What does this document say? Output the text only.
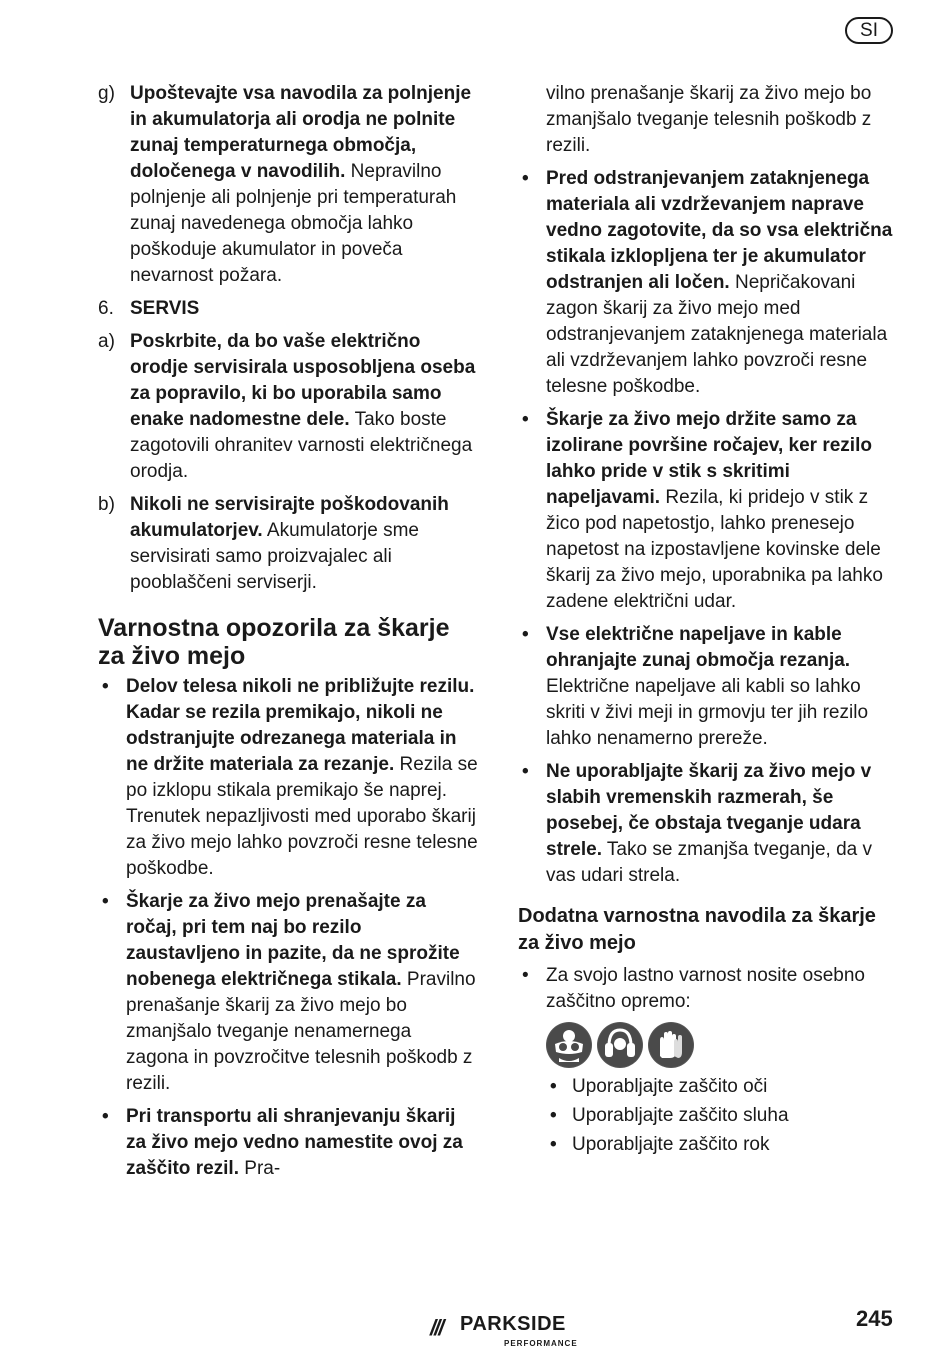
SI
g) Upoštevajte vsa navodila za polnjenje in akumulatorja ali orodja ne polnite zunaj temperaturnega območja, določenega v navodilih. Nepravilno polnjenje ali polnjenje pri temperaturah zunaj navedenega območja lahko poškoduje akumulator in poveča nevarnost požara.
6. SERVIS
a) Poskrbite, da bo vaše električno orodje servisirala usposobljena oseba za popravilo, ki bo uporabila samo enake nadomestne dele. Tako boste zagotovili ohranitev varnosti električnega orodja.
b) Nikoli ne servisirajte poškodovanih akumulatorjev. Akumulatorje sme servisirati samo proizvajalec ali pooblaščeni serviserji.
Varnostna opozorila za škarje za živo mejo
• Delov telesa nikoli ne približujte rezilu. Kadar se rezila premikajo, nikoli ne odstranjujte odrezanega materiala in ne držite materiala za rezanje. Rezila se po izklopu stikala premikajo še naprej. Trenutek nepazljivosti med uporabo škarij za živo mejo lahko povzroči resne telesne poškodbe.
• Škarje za živo mejo prenašajte za ročaj, pri tem naj bo rezilo zaustavljeno in pazite, da ne sprožite nobenega električnega stikala. Pravilno prenašanje škarij za živo mejo bo zmanjšalo tveganje nenamernega zagona in povzročitve telesnih poškodb z rezili.
• Pri transportu ali shranjevanju škarij za živo mejo vedno namestite ovoj za zaščito rezil. Pra-
vilno prenašanje škarij za živo mejo bo zmanjšalo tveganje telesnih poškodb z rezili.
• Pred odstranjevanjem zataknjenega materiala ali vzdrževanjem naprave vedno zagotovite, da so vsa električna stikala izklopljena ter je akumulator odstranjen ali ločen. Nepričakovani zagon škarij za živo mejo med odstranjevanjem zataknjenega materiala ali vzdrževanjem lahko povzroči resne telesne poškodbe.
• Škarje za živo mejo držite samo za izolirane površine ročajev, ker rezilo lahko pride v stik s skritimi napeljavami. Rezila, ki pridejo v stik z žico pod napetostjo, lahko prenesejo napetost na izpostavljene kovinske dele škarij za živo mejo, uporabnika pa lahko zadene električni udar.
• Vse električne napeljave in kable ohranjajte zunaj območja rezanja. Električne napeljave ali kabli so lahko skriti v živi meji in grmovju ter jih rezilo lahko nenamerno prereže.
• Ne uporabljajte škarij za živo mejo v slabih vremenskih razmerah, še posebej, če obstaja tveganje udara strele. Tako se zmanjša tveganje, da v vas udari strela.
Dodatna varnostna navodila za škarje za živo mejo
• Za svojo lastno varnost nosite osebno zaščitno opremo:
• Uporabljajte zaščito oči
• Uporabljajte zaščito sluha
• Uporabljajte zaščito rok
/// PARKSIDE
PERFORMANCE
245
